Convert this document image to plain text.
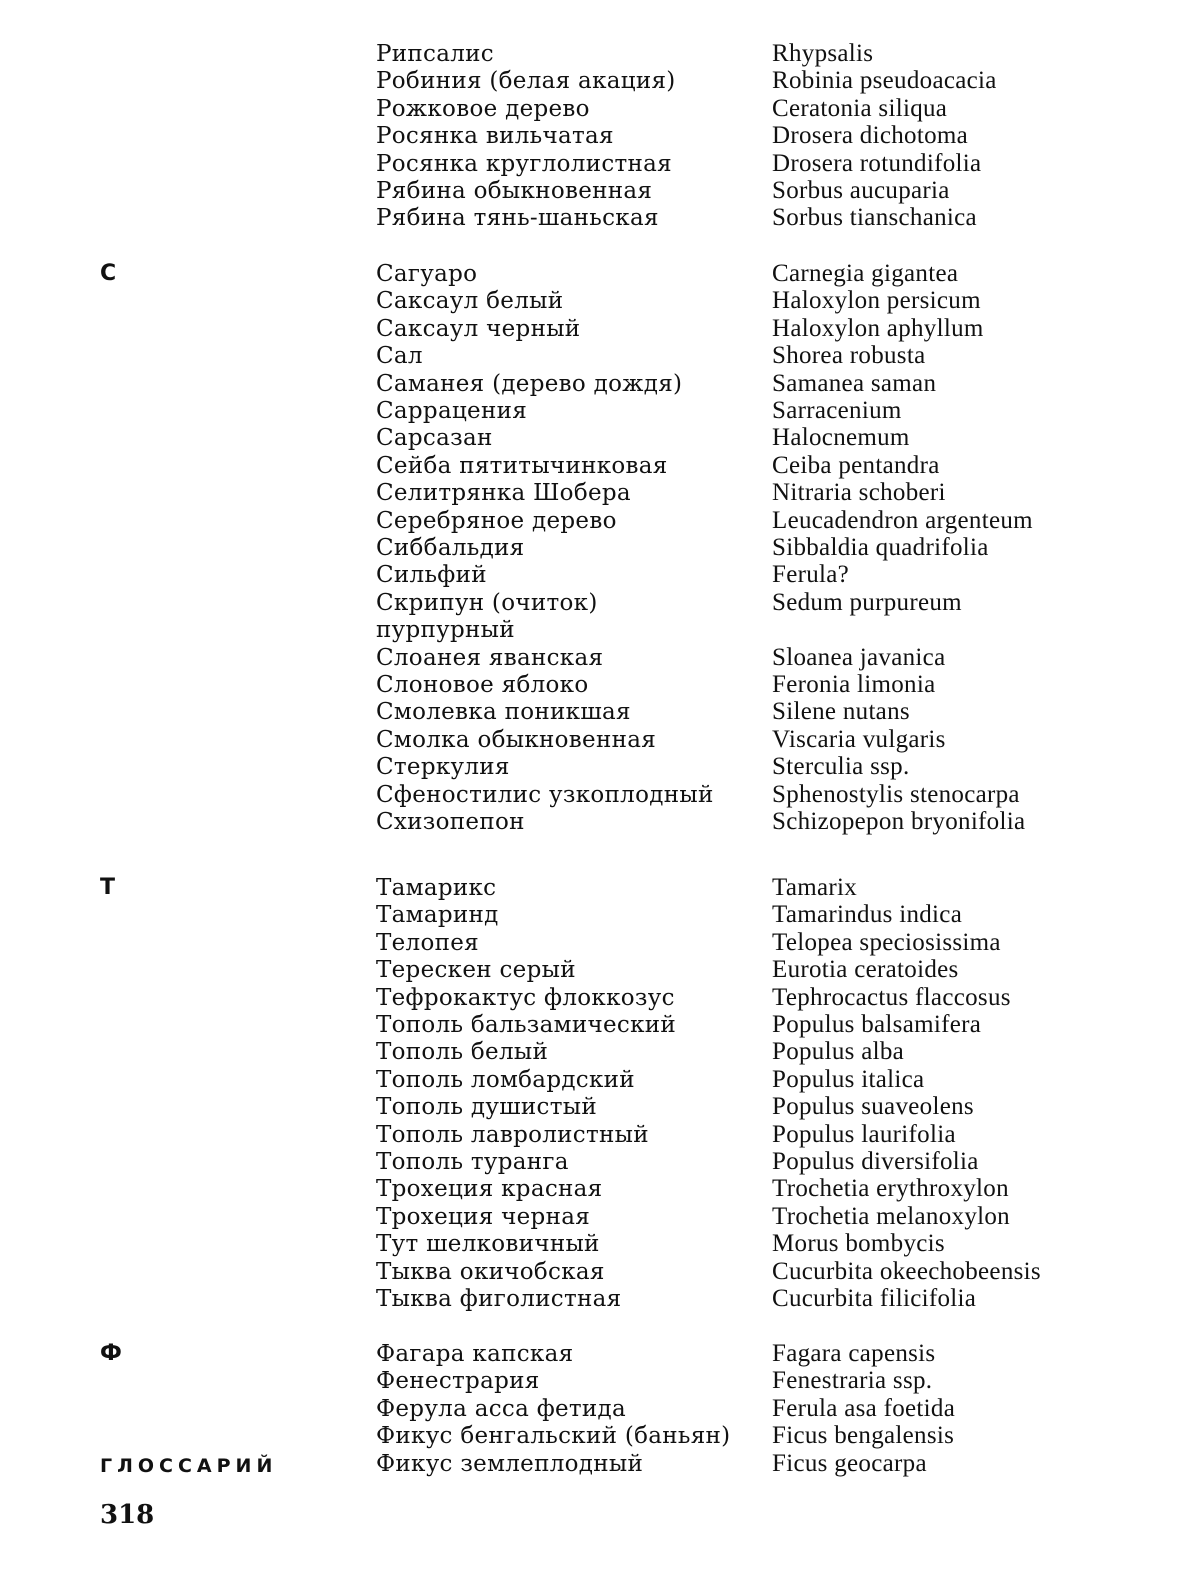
Рипсалис	Rhypsalis
Робиния (белая акация)	Robinia pseudoacacia
Рожковое дерево	Ceratonia siliqua
Росянка вильчатая	Drosera dichotoma
Росянка круглолистная	Drosera rotundifolia
Рябина обыкновенная	Sorbus aucuparia
Рябина тянь-шаньская	Sorbus tianschanica
С	Сагуаро	Carnegia gigantea
Саксаул белый	Haloxylon persicum
Саксаул черный	Haloxylon aphyllum
Сал	Shorea robusta
Саманея (дерево дождя)	Samanea saman
Саррацения	Sarracenium
Сарсазан	Halocnemum
Сейба пятитычинковая	Ceiba pentandra
Селитрянка Шобера	Nitraria schoberi
Серебряное дерево	Leucadendron argenteum
Сиббальдия	Sibbaldia quadrifolia
Сильфий	Ferula?
Скрипун (очиток)	Sedum purpureum
пурпурный
Слоанея яванская	Sloanea javanica
Слоновое яблоко	Feronia limonia
Смолевка поникшая	Silene nutans
Смолка обыкновенная	Viscaria vulgaris
Стеркулия	Sterculia ssp.
Сфеностилис узкоплодный Sphenostylis stenocarpa
Схизопепон	Schizopepon bryonifolia
Т	Тамарикс	Tamarix
Тамаринд	Tamarindus indica
Телопея	Telopea speciosissima
Терескен серый	Eurotia ceratoides
Тефрокактус флоккозус	Tephrocactus flaccosus
Тополь бальзамический	Populus balsamifera
Тополь белый	Populus alba
Тополь ломбардский	Populus italica
Тополь душистый	Populus suaveolens
Тополь лавролистный	Populus laurifolia
Тополь туранга	Populus diversifolia
Трохеция красная	Trochetia erythroxylon
Трохеция черная	Trochetia melanoxylon
Тут шелковичный	Morus bombycis
Тыква окичобская	Cucurbita okeechobeensis
Тыква фиголистная	Cucurbita filicifolia
Ф	Фагара капская	Fagara capensis
Фенестрария	Fenestraria ssp.
Ферула асса фетида	Ferula asa foetida
Фикус бенгальский (баньян) Ficus bengalensis
Фикус землеплодный	Ficus geocarpa
ГЛОССАРИЙ
318
